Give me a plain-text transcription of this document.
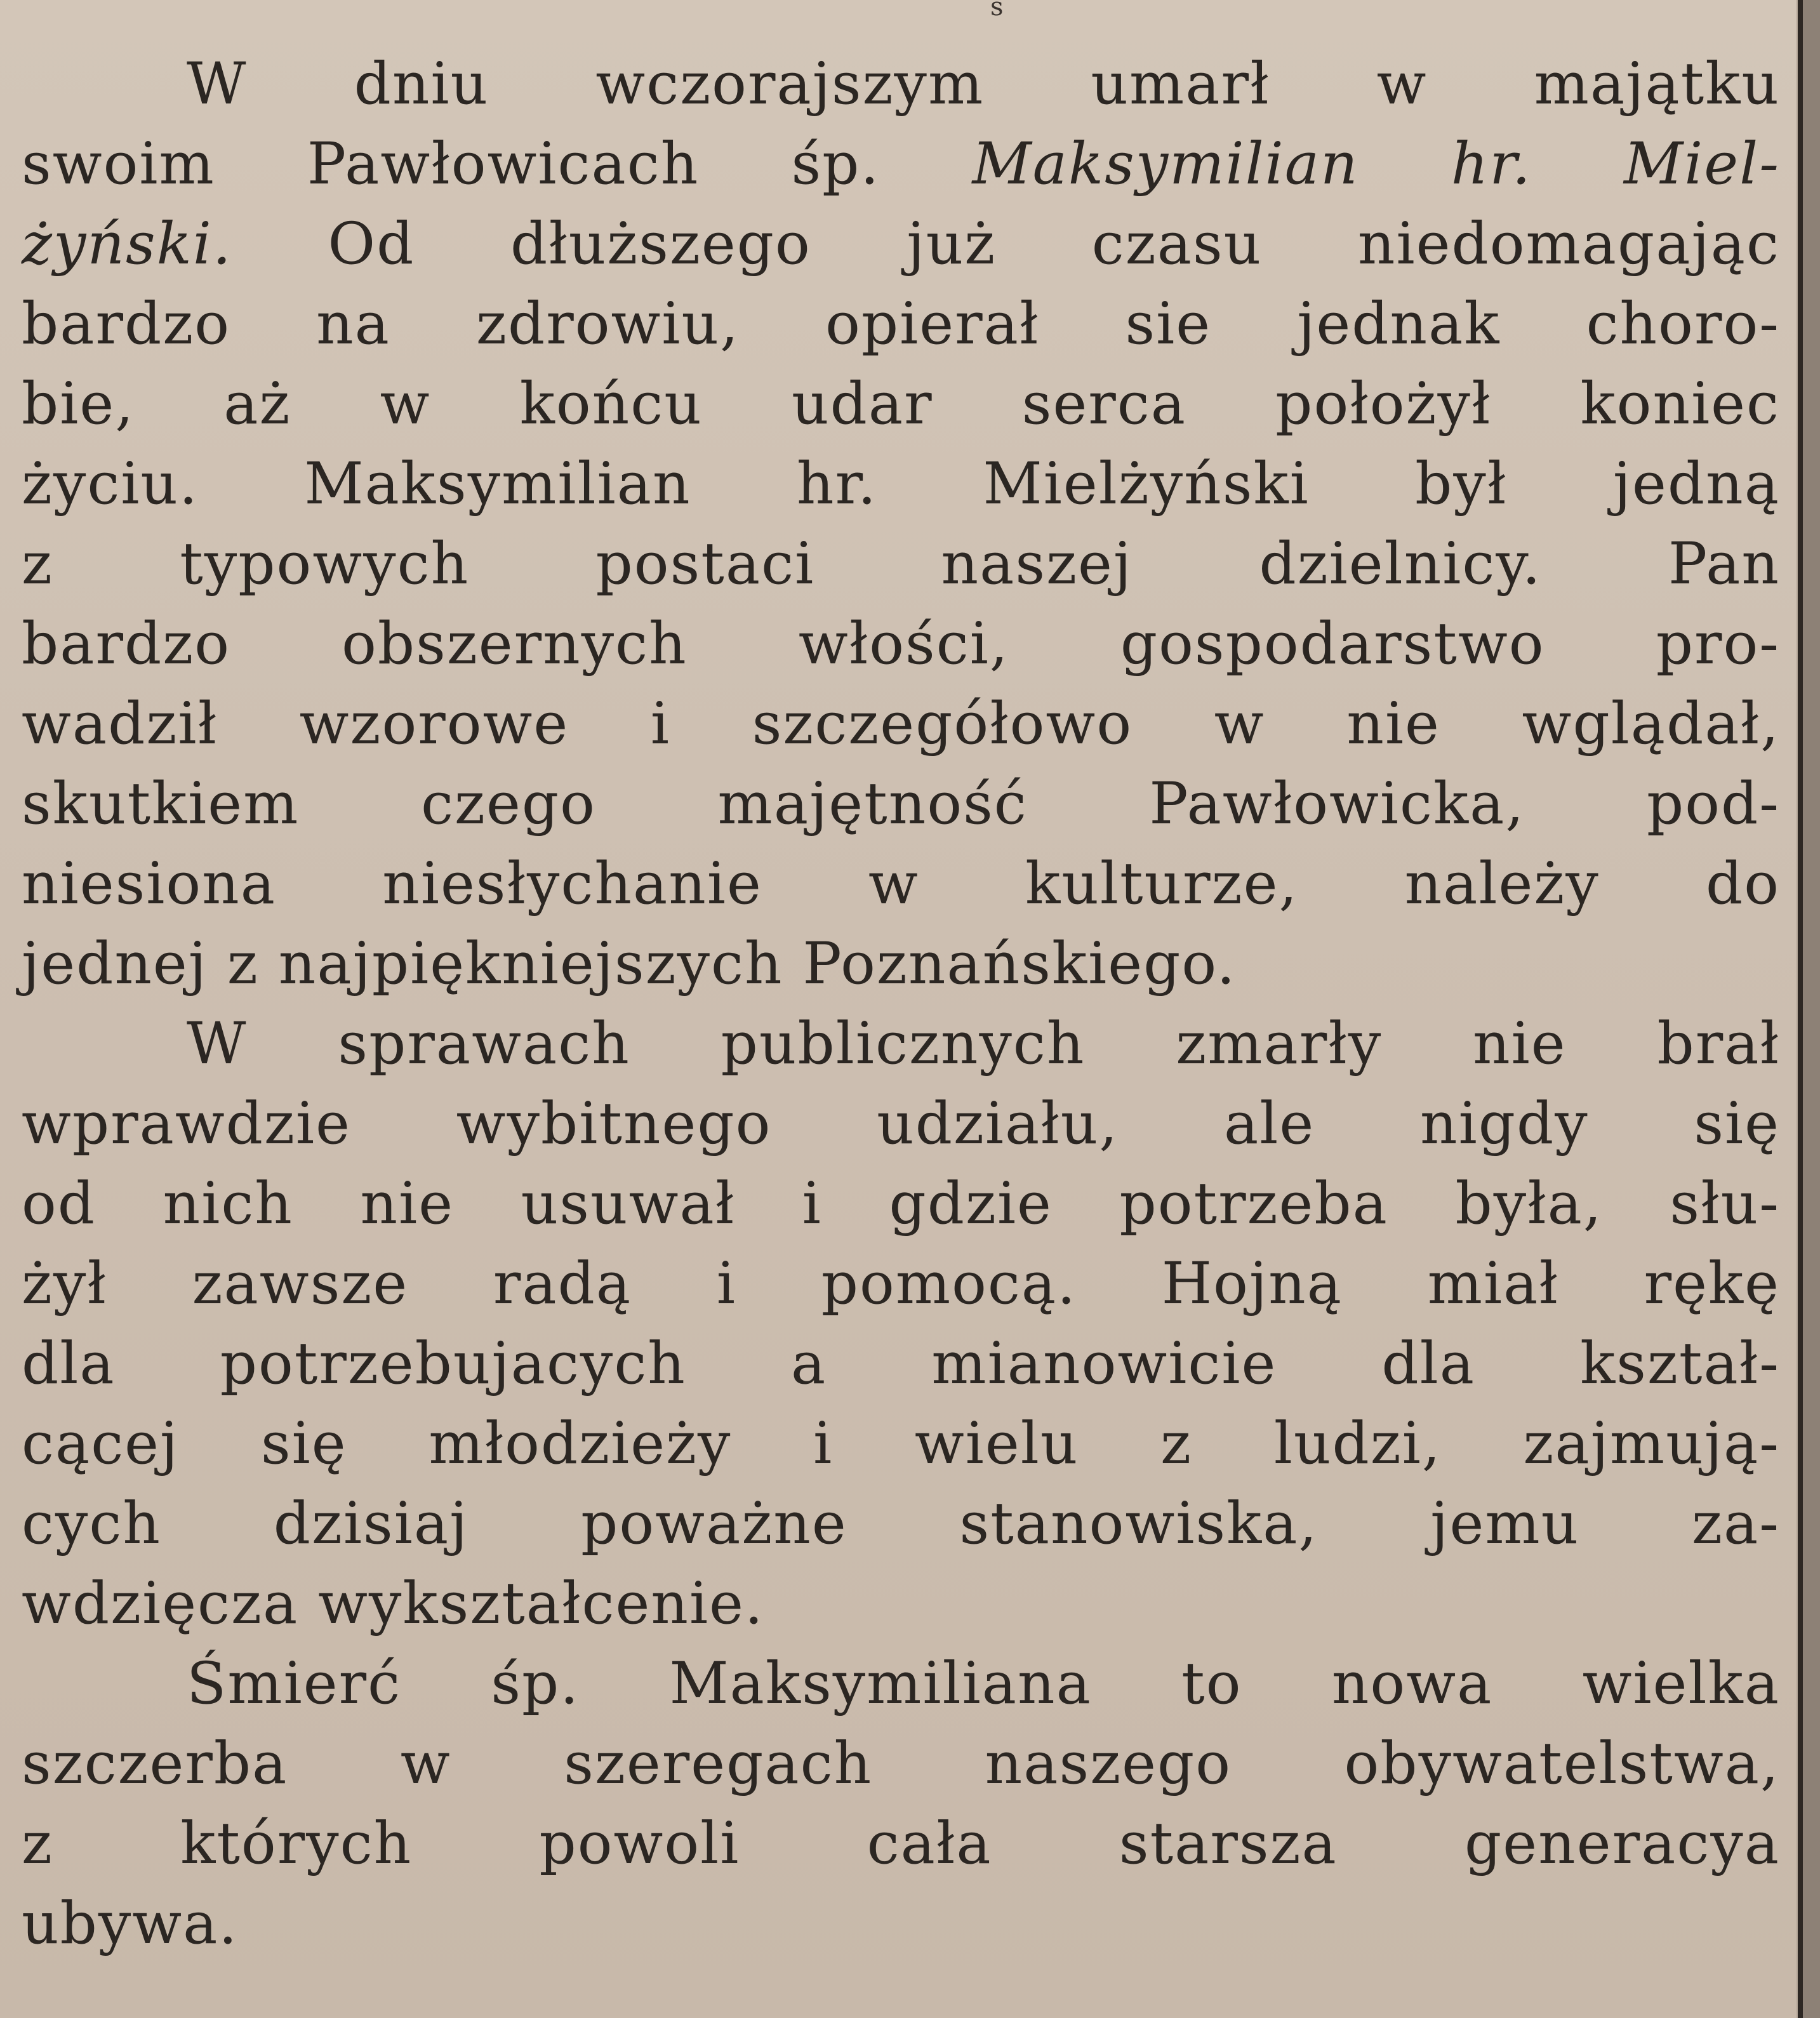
s
W dniu wczorajszym umarł w majątku
swoim Pawłowicach śp. Maksymilian hr. Miel-
żyński. Od dłuższego już czasu niedomagając
bardzo na zdrowiu, opierał sie jednak choro-
bie, aż w końcu udar serca położył koniec
życiu. Maksymilian hr. Mielżyński był jedną
z typowych postaci naszej dzielnicy. Pan
bardzo obszernych włości, gospodarstwo pro-
wadził wzorowe i szczegółowo w nie wglądał,
skutkiem czego majętność Pawłowicka, pod-
niesiona niesłychanie w kulturze, należy do
jednej z najpiękniejszych Poznańskiego.
W sprawach publicznych zmarły nie brał
wprawdzie wybitnego udziału, ale nigdy się
od nich nie usuwał i gdzie potrzeba była, słu-
żył zawsze radą i pomocą. Hojną miał rękę
dla potrzebujacych a mianowicie dla kształ-
cącej się młodzieży i wielu z ludzi, zajmują-
cych dzisiaj poważne stanowiska, jemu za-
wdzięcza wykształcenie.
Śmierć śp. Maksymiliana to nowa wielka
szczerba w szeregach naszego obywatelstwa,
z których powoli cała starsza generacya
ubywa.
